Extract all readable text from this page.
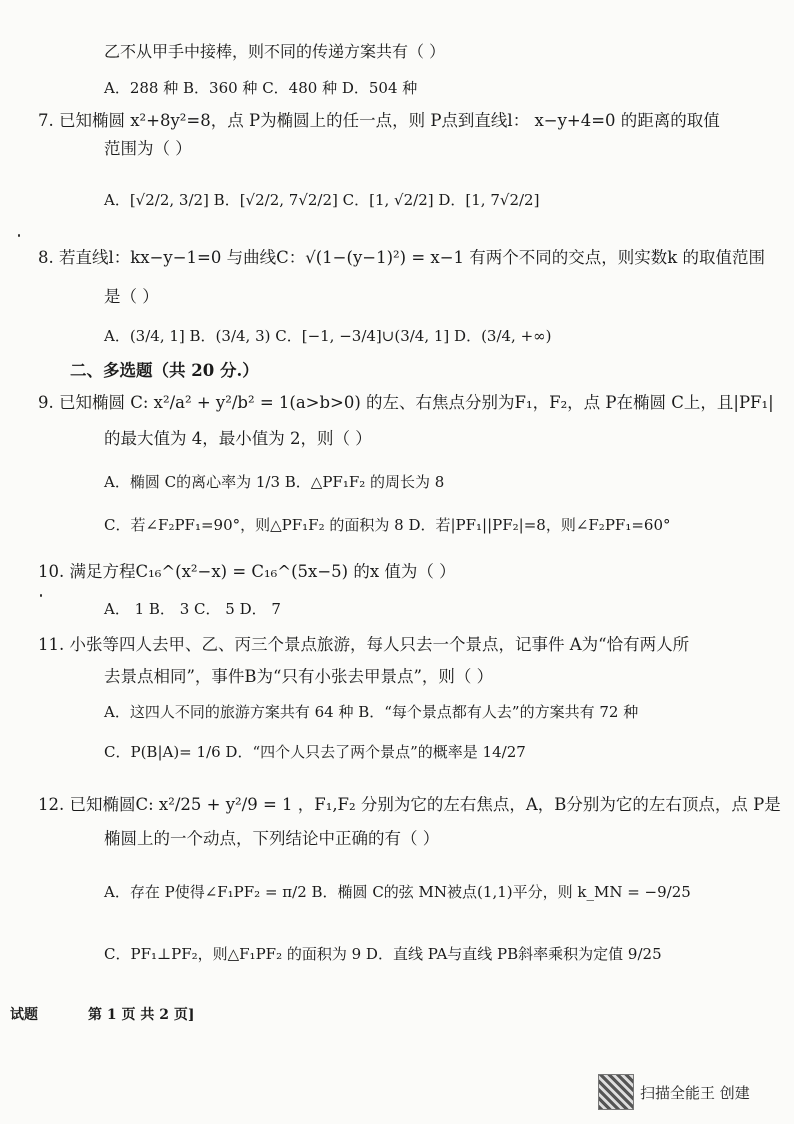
乙不从甲手中接棒，则不同的传递方案共有（ ）
A．288 种 B．360 种 C．480 种 D．504 种
7. 已知椭圆 x²+8y²=8，点 P为椭圆上的任一点，则 P点到直线l： x−y+4=0 的距离的取值
范围为（ ）
A．[√2/2, 3/2] B．[√2/2, 7√2/2] C．[1, √2/2] D．[1, 7√2/2]
8. 若直线l：kx−y−1=0 与曲线C：√(1−(y−1)²) = x−1 有两个不同的交点，则实数k 的取值范围
是（ ）
A．(3/4, 1] B．(3/4, 3) C．[−1, −3/4]∪(3/4, 1] D．(3/4, +∞)
二、多选题（共 20 分.）
9. 已知椭圆 C: x²/a² + y²/b² = 1(a>b>0) 的左、右焦点分别为F₁，F₂，点 P在椭圆 C上，且|PF₁|
的最大值为 4，最小值为 2，则（ ）
A．椭圆 C的离心率为 1/3 B．△PF₁F₂ 的周长为 8
C．若∠F₂PF₁=90°，则△PF₁F₂ 的面积为 8 D．若|PF₁||PF₂|=8，则∠F₂PF₁=60°
10. 满足方程C₁₆^(x²−x) = C₁₆^(5x−5) 的x 值为（ ）
A． 1 B． 3 C． 5 D． 7
11. 小张等四人去甲、乙、丙三个景点旅游，每人只去一个景点，记事件 A为“恰有两人所
去景点相同”，事件B为“只有小张去甲景点”，则（ ）
A．这四人不同的旅游方案共有 64 种 B．“每个景点都有人去”的方案共有 72 种
C．P(B|A)= 1/6 D．“四个人只去了两个景点”的概率是 14/27
12. 已知椭圆C: x²/25 + y²/9 = 1 ，F₁,F₂ 分别为它的左右焦点，A，B分别为它的左右顶点，点 P是
椭圆上的一个动点，下列结论中正确的有（ ）
A．存在 P使得∠F₁PF₂ = π/2 B．椭圆 C的弦 MN被点(1,1)平分，则 k_MN = −9/25
C．PF₁⊥PF₂，则△F₁PF₂ 的面积为 9 D．直线 PA与直线 PB斜率乘积为定值 9/25
试题	第 1 页 共 2 页]
扫描全能王 创建
